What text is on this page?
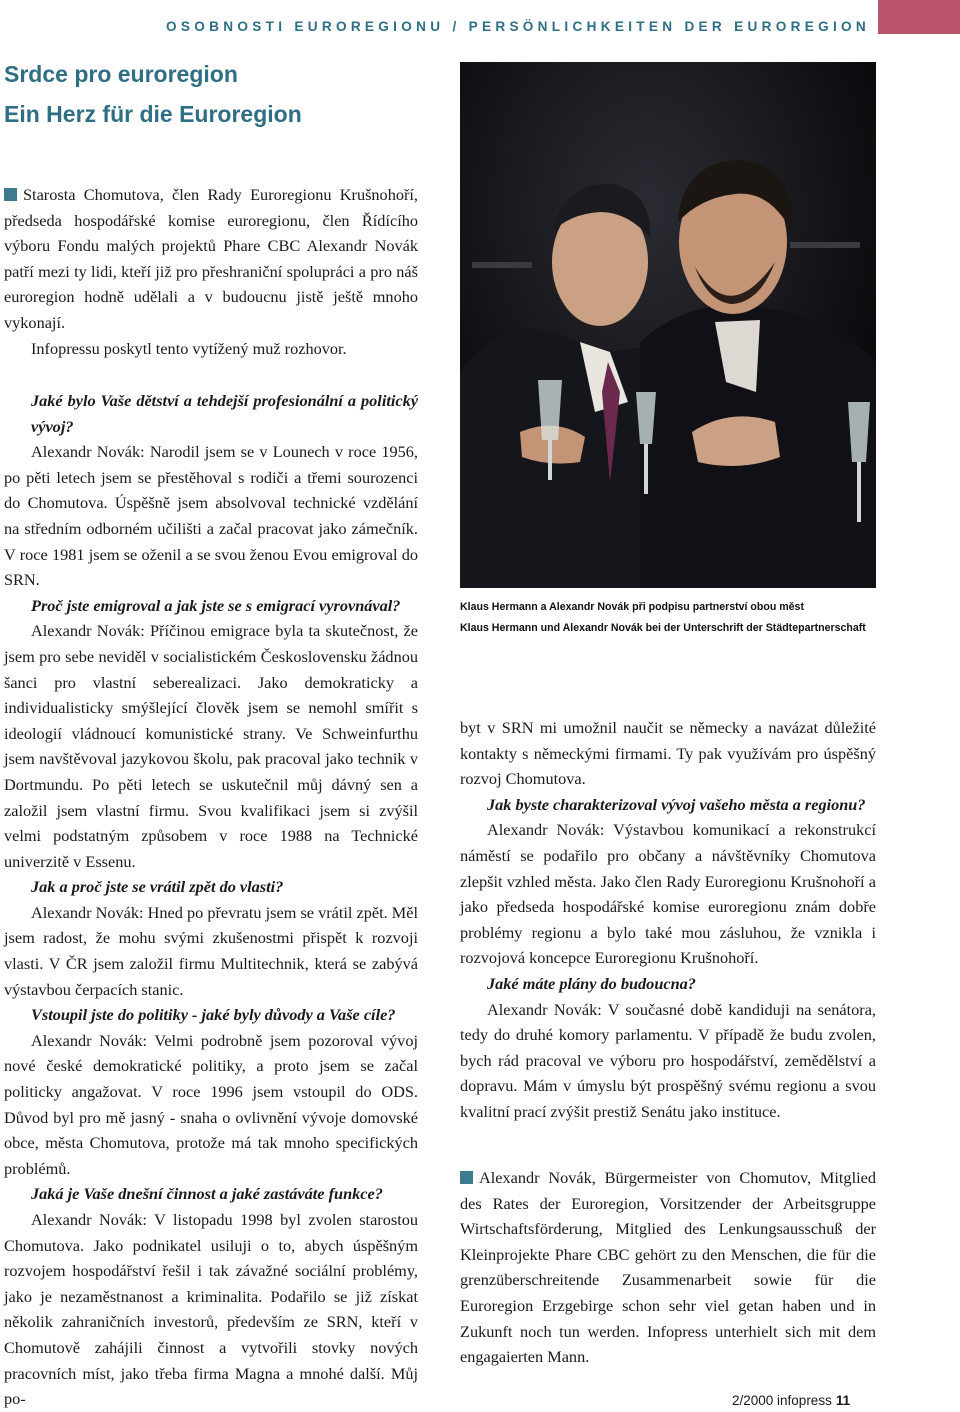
OSOBNOSTI EUROREGIONU / PERSÖNLICHKEITEN DER EUROREGION
Srdce pro euroregion
Ein Herz für die Euroregion

Starosta Chomutova, člen Rady Euroregionu Krušnohoří, předseda hospodářské komise euroregionu, člen Řídícího výboru Fondu malých projektů Phare CBC Alexandr Novák patří mezi ty lidi, kteří již pro přeshraniční spolupráci a pro náš euroregion hodně udělali a v budoucnu jistě ještě mnoho vykonají.

Infopressu poskytl tento vytížený muž rozhovor.

Jaké bylo Vaše dětství a tehdejší profesionální a politický vývoj?

Alexandr Novák: Narodil jsem se v Lounech v roce 1956, po pěti letech jsem se přestěhoval s rodiči a třemi sourozenci do Chomutova. Úspěšně jsem absolvoval technické vzdělání na středním odborném učilišti a začal pracovat jako zámečník. V roce 1981 jsem se oženil a se svou ženou Evou emigroval do SRN.

Proč jste emigroval a jak jste se s emigrací vyrovnával?

Alexandr Novák: Příčinou emigrace byla ta skutečnost, že jsem pro sebe neviděl v socialistickém Československu žádnou šanci pro vlastní seberealizaci. Jako demokraticky a individualisticky smýšlející člověk jsem se nemohl smířit s ideologií vládnoucí komunistické strany. Ve Schweinfurthu jsem navštěvoval jazykovou školu, pak pracoval jako technik v Dortmundu. Po pěti letech se uskutečnil můj dávný sen a založil jsem vlastní firmu. Svou kvalifikaci jsem si zvýšil velmi podstatným způsobem v roce 1988 na Technické univerzitě v Essenu.

Jak a proč jste se vrátil zpět do vlasti?

Alexandr Novák: Hned po převratu jsem se vrátil zpět. Měl jsem radost, že mohu svými zkušenostmi přispět k rozvoji vlasti. V ČR jsem založil firmu Multitechnik, která se zabývá výstavbou čerpacích stanic.

Vstoupil jste do politiky - jaké byly důvody a Vaše cíle?

Alexandr Novák: Velmi podrobně jsem pozoroval vývoj nové české demokratické politiky, a proto jsem se začal politicky angažovat. V roce 1996 jsem vstoupil do ODS. Důvod byl pro mě jasný - snaha o ovlivnění vývoje domovské obce, města Chomutova, protože má tak mnoho specifických problémů.

Jaká je Vaše dnešní činnost a jaké zastáváte funkce?

Alexandr Novák: V listopadu 1998 byl zvolen starostou Chomutova. Jako podnikatel usiluji o to, abych úspěšným rozvojem hospodářství řešil i tak závažné sociální problémy, jako je nezaměstnanost a kriminalita. Podařilo se již získat několik zahraničních investorů, především ze SRN, kteří v Chomutově zahájili činnost a vytvořili stovky nových pracovních míst, jako třeba firma Magna a mnohé další. Můj po-

Klaus Hermann a Alexandr Novák při podpisu partnerství obou měst
Klaus Hermann und Alexandr Novák bei der Unterschrift der Städtepartnerschaft

byt v SRN mi umožnil naučit se německy a navázat důležité kontakty s německými firmami. Ty pak využívám pro úspěšný rozvoj Chomutova.

Jak byste charakterizoval vývoj vašeho města a regionu?

Alexandr Novák: Výstavbou komunikací a rekonstrukcí náměstí se podařilo pro občany a návštěvníky Chomutova zlepšit vzhled města. Jako člen Rady Euroregionu Krušnohoří a jako předseda hospodářské komise euroregionu znám dobře problémy regionu a bylo také mou zásluhou, že vznikla i rozvojová koncepce Euroregionu Krušnohoří.

Jaké máte plány do budoucna?

Alexandr Novák: V současné době kandiduji na senátora, tedy do druhé komory parlamentu. V případě že budu zvolen, bych rád pracoval ve výboru pro hospodářství, zemědělství a dopravu. Mám v úmyslu být prospěšný svému regionu a svou kvalitní prací zvýšit prestiž Senátu jako instituce.

Alexandr Novák, Bürgermeister von Chomutov, Mitglied des Rates der Euroregion, Vorsitzender der Arbeitsgruppe Wirtschaftsförderung, Mitglied des Lenkungsausschuß der Kleinprojekte Phare CBC gehört zu den Menschen, die für die grenzüberschreitende Zusammenarbeit sowie für die Euroregion Erzgebirge schon sehr viel getan haben und in Zukunft noch tun werden. Infopress unterhielt sich mit dem engagaierten Mann.

2/2000 infopress 11
